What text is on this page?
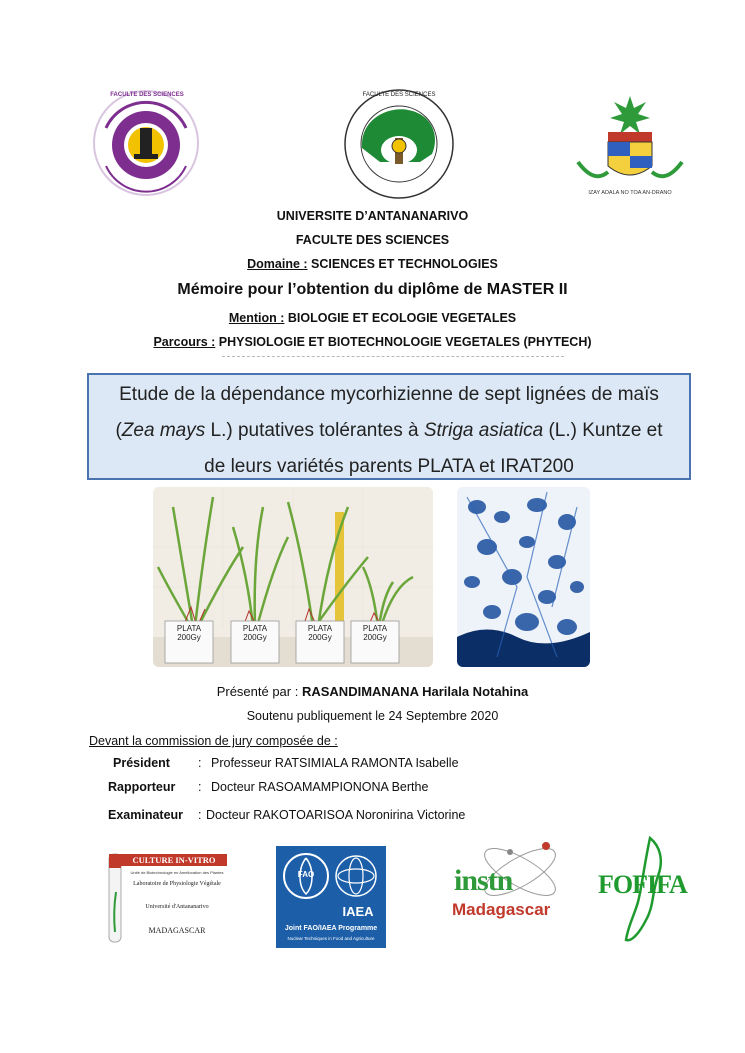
FACULTE DES SCIENCES	FACULTE DES SCIENCES
IZAY ADALA NO TOA AN-DRANO
UNIVERSITE D’ANTANANARIVO
FACULTE DES SCIENCES
Domaine : SCIENCES ET TECHNOLOGIES
Mémoire pour l’obtention du diplôme de MASTER II
Mention : BIOLOGIE ET ECOLOGIE VEGETALES
Parcours : PHYSIOLOGIE ET BIOTECHNOLOGIE VEGETALES (PHYTECH)
Etude de la dépendance mycorhizienne de sept lignées de maïs
(Zea mays L.) putatives tolérantes à Striga asiatica (L.) Kuntze et
de leurs variétés parents PLATA et IRAT200
PLATA
200Gy
PLATA
200Gy
PLATA
200Gy
PLATA
200Gy
Présenté par : RASANDIMANANA Harilala Notahina
Soutenu publiquement le 24 Septembre 2020
Devant la commission de jury composée de :
Président : Professeur RATSIMIALA RAMONTA Isabelle
Rapporteur : Docteur RASOAMAMPIONONA Berthe
Examinateur : Docteur RAKOTOARISOA Noronirina Victorine
CULTURE IN-VITRO
Unité de Biotechnologie en Amélioration des Plantes
Laboratoire de Physiologie Végétale
Université d'Antananarivo
MADAGASCAR
FAO
IAEA
Joint FAO/IAEA Programme
Nuclear Techniques in Food and Agriculture
instn
Madagascar
FOFIFA
